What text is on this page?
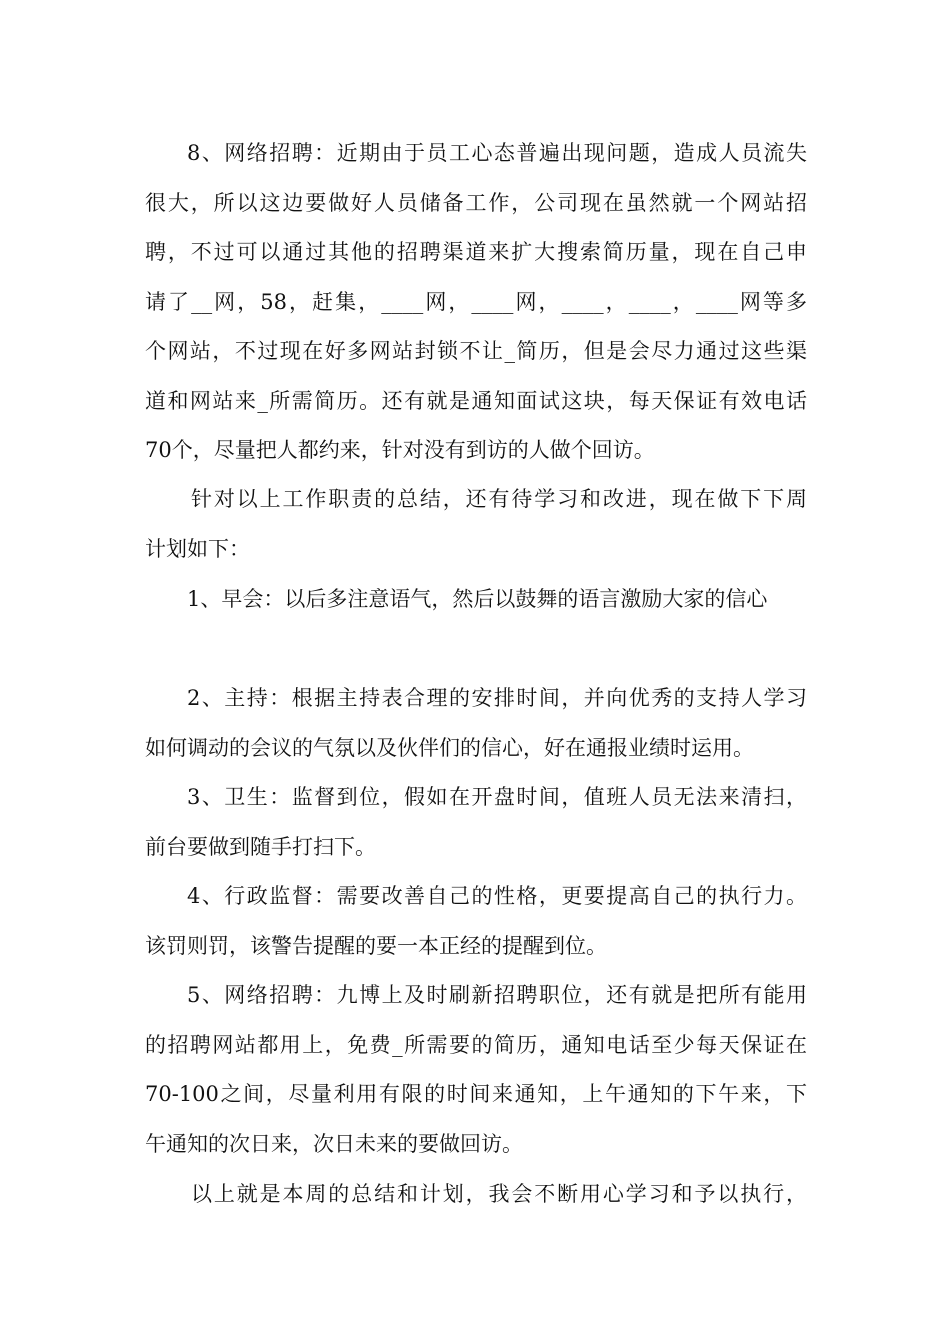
8、网络招聘：近期由于员工心态普遍出现问题，造成人员流失
很大，所以这边要做好人员储备工作，公司现在虽然就一个网站招
聘，不过可以通过其他的招聘渠道来扩大搜索简历量，现在自己申
请了__网，58，赶集，____网，____网，____，____，____网等多
个网站，不过现在好多网站封锁不让_简历，但是会尽力通过这些渠
道和网站来_所需简历。还有就是通知面试这块，每天保证有效电话
70个，尽量把人都约来，针对没有到访的人做个回访。
针对以上工作职责的总结，还有待学习和改进，现在做下下周
计划如下：
1、早会：以后多注意语气，然后以鼓舞的语言激励大家的信心
2、主持：根据主持表合理的安排时间，并向优秀的支持人学习
如何调动的会议的气氛以及伙伴们的信心，好在通报业绩时运用。
3、卫生：监督到位，假如在开盘时间，值班人员无法来清扫，
前台要做到随手打扫下。
4、行政监督：需要改善自己的性格，更要提高自己的执行力。
该罚则罚，该警告提醒的要一本正经的提醒到位。
5、网络招聘：九博上及时刷新招聘职位，还有就是把所有能用
的招聘网站都用上，免费_所需要的简历，通知电话至少每天保证在
70-100之间，尽量利用有限的时间来通知，上午通知的下午来，下
午通知的次日来，次日未来的要做回访。
以上就是本周的总结和计划，我会不断用心学习和予以执行，
